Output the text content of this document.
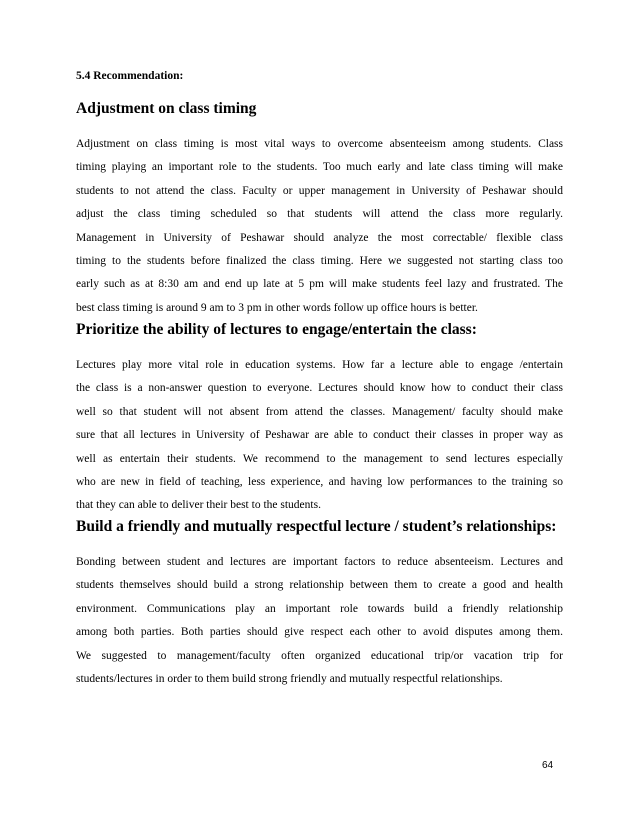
5.4 Recommendation:

Adjustment on class timing
Adjustment on class timing is most vital ways to overcome absenteeism among students. Class
timing playing an important role to the students. Too much early and late class timing will make
students to not attend the class. Faculty or upper management in University of Peshawar should
adjust the class timing scheduled so that students will attend the class more regularly.
Management in University of Peshawar should analyze the most correctable/ flexible class
timing to the students before finalized the class timing. Here we suggested not starting class too
early such as at 8:30 am and end up late at 5 pm will make students feel lazy and frustrated. The
best class timing is around 9 am to 3 pm in other words follow up office hours is better.
Prioritize the ability of lectures to engage/entertain the class:
Lectures play more vital role in education systems. How far a lecture able to engage /entertain
the class is a non-answer question to everyone. Lectures should know how to conduct their class
well so that student will not absent from attend the classes. Management/ faculty should make
sure that all lectures in University of Peshawar are able to conduct their classes in proper way as
well as entertain their students. We recommend to the management to send lectures especially
who are new in field of teaching, less experience, and having low performances to the training so
that they can able to deliver their best to the students.
Build a friendly and mutually respectful lecture / student’s relationships:
Bonding between student and lectures are important factors to reduce absenteeism. Lectures and
students themselves should build a strong relationship between them to create a good and health
environment. Communications play an important role towards build a friendly relationship
among both parties. Both parties should give respect each other to avoid disputes among them.
We suggested to management/faculty often organized educational trip/or vacation trip for
students/lectures in order to them build strong friendly and mutually respectful relationships.

64
